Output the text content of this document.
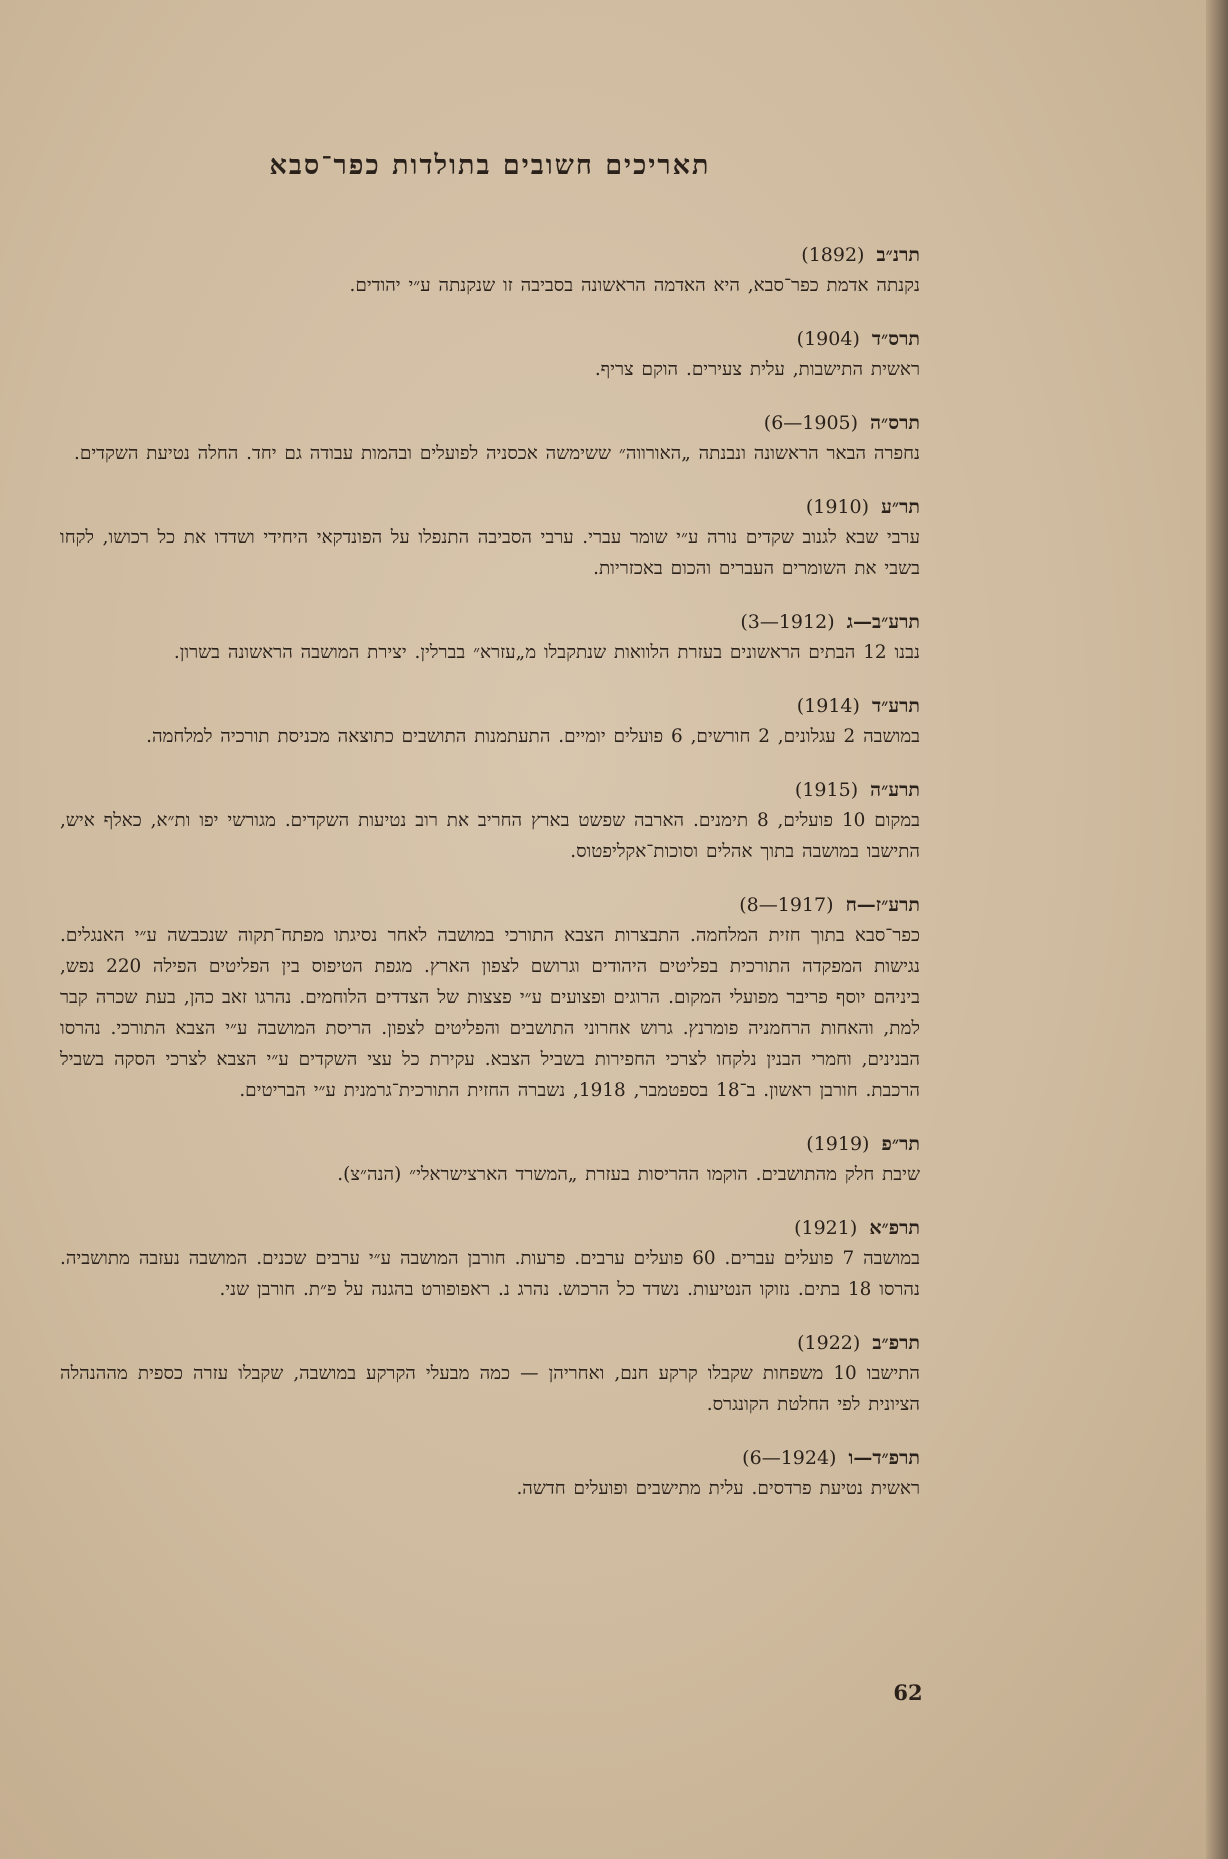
תאריכים חשובים בתולדות כפר־סבא
תרנ״ב (1892)
נקנתה אדמת כפר־סבא, היא האדמה הראשונה בסביבה זו שנקנתה ע״י יהודים.
תרס״ד (1904)
ראשית התישבות, עלית צעירים. הוקם צריף.
תרס״ה (1905—6)
נחפרה הבאר הראשונה ונבנתה „האורווה״ ששימשה אכסניה לפועלים ובהמות עבודה גם יחד. החלה נטיעת השקדים.
תר״ע (1910)
ערבי שבא לגנוב שקדים נורה ע״י שומר עברי. ערבי הסביבה התנפלו על הפונדקאי היחידי ושדדו את כל רכושו, לקחו בשבי את השומרים העברים והכום באכזריות.
תרע״ב—ג (1912—3)
נבנו 12 הבתים הראשונים בעזרת הלוואות שנתקבלו מ„עזרא״ בברלין. יצירת המושבה הראשונה בשרון.
תרע״ד (1914)
במושבה 2 עגלונים, 2 חורשים, 6 פועלים יומיים. התעתמנות התושבים כתוצאה מכניסת תורכיה למלחמה.
תרע״ה (1915)
במקום 10 פועלים, 8 תימנים. הארבה שפשט בארץ החריב את רוב נטיעות השקדים. מגורשי יפו ות״א, כאלף איש, התישבו במושבה בתוך אהלים וסוכות־אקליפטוס.
תרע״ז—ח (1917—8)
כפר־סבא בתוך חזית המלחמה. התבצרות הצבא התורכי במושבה לאחר נסיגתו מפתח־תקוה שנכבשה ע״י האנגלים. נגישות המפקדה התורכית בפליטים היהודים וגרושם לצפון הארץ. מגפת הטיפוס בין הפליטים הפילה 220 נפש, ביניהם יוסף פריבר מפועלי המקום. הרוגים ופצועים ע״י פצצות של הצדדים הלוחמים. נהרגו זאב כהן, בעת שכרה קבר למת, והאחות הרחמניה פומרנץ. גרוש אחרוני התושבים והפליטים לצפון. הריסת המושבה ע״י הצבא התורכי. נהרסו הבנינים, וחמרי הבנין נלקחו לצרכי החפירות בשביל הצבא. עקירת כל עצי השקדים ע״י הצבא לצרכי הסקה בשביל הרכבת. חורבן ראשון. ב־18 בספטמבר, 1918, נשברה החזית התורכית־גרמנית ע״י הבריטים.
תר״פ (1919)
שיבת חלק מהתושבים. הוקמו ההריסות בעזרת „המשרד הארצישראלי״ (הנה״צ).
תרפ״א (1921)
במושבה 7 פועלים עברים. 60 פועלים ערבים. פרעות. חורבן המושבה ע״י ערבים שכנים. המושבה נעזבה מתושביה. נהרסו 18 בתים. נזוקו הנטיעות. נשדד כל הרכוש. נהרג נ. ראפופורט בהגנה על פ״ת. חורבן שני.
תרפ״ב (1922)
התישבו 10 משפחות שקבלו קרקע חנם, ואחריהן — כמה מבעלי הקרקע במושבה, שקבלו עזרה כספית מההנהלה הציונית לפי החלטת הקונגרס.
תרפ״ד—ו (1924—6)
ראשית נטיעת פרדסים. עלית מתישבים ופועלים חדשה.
62
